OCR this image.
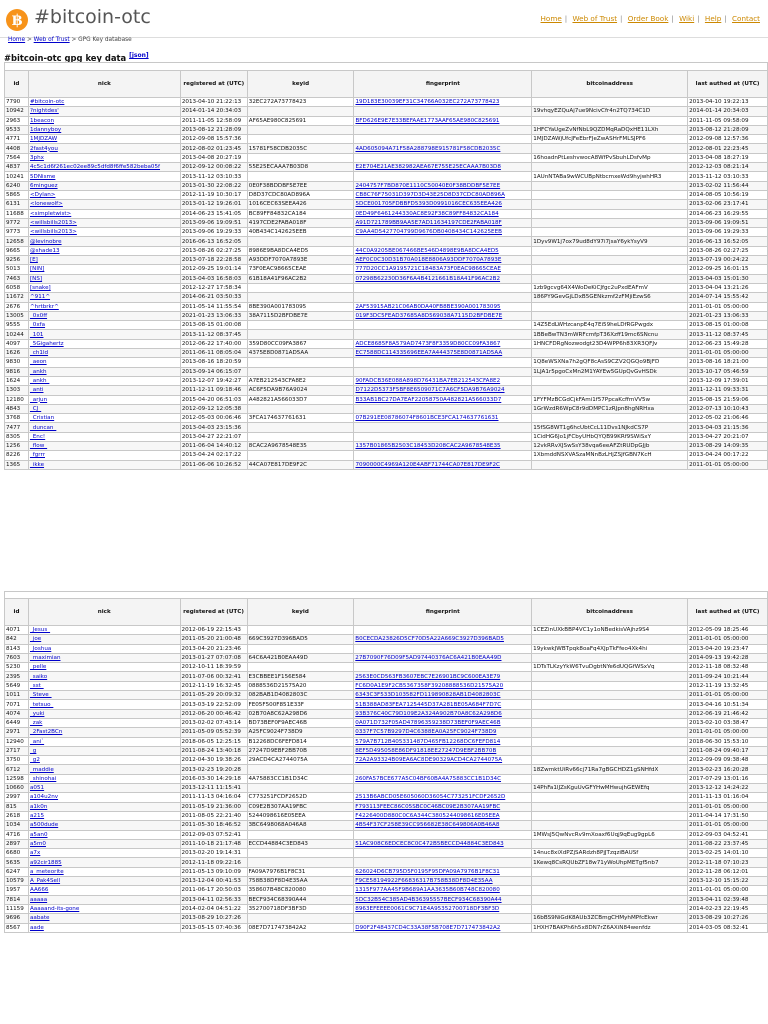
฿ #bitcoin-otc	Home | Web of Trust | Order Book | Wiki | Help | Contact
Home > Web of Trust > GPG Key database
#bitcoin-otc gpg key data [json]
id	nick	registered at (UTC)	keyid	fingerprint	bitcoinaddress	last authed at (UTC)
7790	#bitcoin-otc	2013-04-10 21:22:13	32EC272A73778423	19D183E30039EF31C34766A032EC272A73778423		2013-04-10 19:22:13
10942	?nightdes'	2014-01-14 20:34:03			19vhqyEZQuAj7ue9NcivCfr4n2TQ734C1D	2014-01-14 20:34:03
2963	1beacon	2011-11-05 12:58:09	AF65AE980C825691	BFD626E9E7E33BEFAAE1773AAF65AE980C825691		2011-11-05 09:58:09
9533	1dannyboy	2013-08-12 21:28:09			1HFCYaUgeZvNfNbL9QZDMqRaDQxHE11LXh	2013-08-12 21:28:09
4771	1MJDZAW	2012-09-08 15:57:36			1MJDZAWjUfcJFeEbrFJeZwASHrFMLSJPF6	2012-09-08 12:57:36
4408	2fast4you	2012-08-02 01:23:45	15781F58CDB2035C	4AD605094A71F58A288798E915781F58CDB2035C		2012-08-01 22:23:45
7564	3phx	2013-04-08 20:27:19			16hoadnPtLeshvwocA8WfPvSbuhLDsfvMp	2013-04-08 18:27:19
4837	4c5c1d6f261ec02ee89c5dfd8f6ffe582beba05f	2012-09-12 00:08:22	55E25ECAAA7B03D8	E2E704E21AE382982AEA67E755E25ECAAA7B03D8		2012-12-03 08:21:14
10241	5DNisme	2013-11-12 03:10:33			1AUnNTABa9wWCUBpNtbcmxeWd9hyjwhHR3	2013-11-12 03:10:33
6240	6minguez	2013-01-30 22:08:22	0E0F38BDDBF5E7EE	2404757F7BD870E1110C50040E0F38BDDBF5E7EE		2013-02-02 11:56:44
5865	<Dylan>	2012-11-19 10:30:17	D8D37CDC80AD896A	CB8C76F75031D397D3D43E25D8D37CDC80AD896A		2014-08-05 10:56:19
6131	<lonewolf>	2013-01-12 19:26:01	1016CEC63SEEA426	5DCE001705FDBBFD5393D0991016CEC635EEA426		2013-02-06 23:17:41
11688	<simpletwist>	2014-06-23 15:41:05	BC89FF84832CA184	0ED49F6461244330AC8E92F38C89FF84832CA184		2014-06-23 16:29:55
9772	<willsbills2013>	2013-09-06 19:09:51	4197CDE2FABA018F	A91D721789BB9AA5E7AD11634197CDE2FABA018F		2013-09-06 19:09:51
9773	<willsbills2013>	2013-09-06 19:29:33	40B434C142625EEB	C9AA4D5427704799D9676DB0408434C142625EEB		2013-09-06 19:29:33
12658	@levinobre	2016-06-13 16:52:05			1Dyv9W1j7ox79ud8dY97i7jsaY6ykYsyV9	2016-06-13 16:52:05
9665	@shade13	2013-08-26 02:27:25	8986E9BA8DCA4ED5	44C0A9205BE067466BE546D4898E9BA8DCA4ED5		2013-08-26 02:27:25
9256	[E]	2013-07-18 22:28:58	A93DDF7070A7893E	AEF0C0C30D31B70A018E8806A93DDF7070A7893E		2013-07-19 00:24:22
5013	[NIN]	2012-09-25 19:01:14	73F0EAC98665CEAE	777D20CC1A9195721C18483A73F0EAC98665CEAE		2012-09-25 16:01:15
7463	[NS]	2013-04-03 16:58:03	61B18A41F96AC2B2	07298B62230D36F6A4B4121661B18A41F96AC2B2		2013-04-03 15:01:30
6058	[snake]	2012-12-27 17:58:34			1zb9gcvg64X4WoDeKiCJfgc2uPxdEAFmV	2013-04-04 13:21:26
11672	^911^	2014-06-21 03:50:33			186PY9GevGjLDxB5GENkzmf2zFMjiEzwS6	2014-07-14 15:55:42
2676	^hrtbrkr^	2011-05-14 11:55:54	8BE390A001783095	2AF53915AB21C06AB0DA40FB8BE390A001783095		2011-01-01 05:00:00
13005	_0x0ff	2021-01-23 13:06:33	38A7115D2BFDBE7E	019F3DC5FEAD37685A8D569038A7115D2BFDBE7E		2021-01-23 13:06:33
9555	_0xfa	2013-08-15 01:00:08			14Z5EdLWHzcanpE4q7Ei59heLDfRGPwgdx	2013-08-15 01:00:08
10244	_101	2013-11-12 08:37:45			1BBeBwTN3mWRFcmfpT36Xzff19mc6SNcnu	2013-11-12 08:37:45
4097	_5Gigahertz	2012-06-22 17:40:00	359D80CC09FA3867	ADCE8685F8A579AD7473F8F3359D80CC09FA3867	1HNCFDRgNozwodgt23D4WPP6h83XR3QFJv	2012-06-23 15:49:28
1626	_ch1ld	2011-06-11 08:05:04	4375E8D0871AD5AA	EC7588DC114335696EEA7A444375E8D0871AD5AA		2011-01-01 05:00:00
9830	_aeon	2013-08-16 18:20:59			1Q8eWSXNa7h2gQF8cAsS9CZV2QGQo9BjFD	2013-08-16 18:21:00
9816	_ankh	2013-09-14 06:15:07			1LJA1r5pgoCxMn2M1YAYEw5GUpQvGvHSDk	2013-10-17 05:46:59
1624	_ankh_	2013-12-07 19:42:27	A7EB212543CFA8E2	90FADCB36E088A898D76431BA7EB212543CFA8E2		2013-12-09 17:39:01
1303	_anti	2011-12-11 09:18:46	AC6F5DA9B76A9024	D7122D5373F5BF8E6509071C7A6CF5DA9B76A9024		2011-12-11 09:33:31
12180	_arjun	2015-04-20 06:51:03	A482821A566033D7	B33AB1BC27DA7EAF22058750A482821A566033D7	1FYFMzBCGdCjkFAmi1f57PpcaKcffmVV5w	2015-08-15 21:59:06
4843	_CJ_	2012-09-12 12:05:38			1GrWzdR6WpC8r9dDMPC1zRJpn8hgNRHxa	2012-07-13 10:10:43
3768	_Cristian	2012-05-03 00:06:46	3FCA174637761631	07B291EE08786074F8601BCE3FCA174637761631		2012-05-02 21:06:46
7477	_duncan_	2013-04-03 23:15:36			15fSG8WT1g6hcUbtCcL11Dvs1NJkdCS7P	2013-04-03 21:15:36
8305	_Enc!	2013-04-27 22:21:07			1CidHG6Jo1jFCbyUHbQYQB99KRf9SWiSxY	2013-04-27 20:21:07
1256	_flow_	2011-06-04 14:40:12	8CAC2A9678548E35	1357B01865B2503C18453D208CAC2A9678548E35	12vkRRvXJSwSsY38vqa6eeAFZtRUDpGJjb	2013-08-29 14:09:35
8226	_fgrrr	2013-04-24 02:17:22			1XbmddNSXVASzaMNnBzLHjZSJfGBN7KcH	2013-04-24 00:17:22
1365	_ikke	2011-06-06 10:26:52	44CA07E817DE9F2C	7090000C4969A120E4ABF71744CA07E817DE9F2C		2011-01-01 05:00:00
id	nick	registered at (UTC)	keyid	fingerprint	bitcoinaddress	last authed at (UTC)
4071	_Jesus_	2012-06-19 22:15:43			1CEZinUXkBBP4VC1y1oNBedkisVAjhz9S4	2012-05-09 18:25:46
842	_joe	2011-05-20 21:00:48	669C3927D396BAD5	B0CECDA23826D5CF70D5A22A669C3927D396BAD5		2011-01-01 05:00:00
8143	_Joshua	2013-04-20 21:23:46			19ykwkJWBTpqk8oaFq4XJpTkFfeo4Xk4hi	2013-04-20 19:23:47
7603	_maximian	2013-01-27 07:07:08	64C6A421B0EAA49D	27B7090F76D09F5AD97440376AC6A421B0EAA49D		2014-09-13 19:42:28
5230	_pelle	2012-10-11 18:39:59			1DTsTLKzyYkW6TvuDgbtNYe6dUQGfWSxVq	2012-11-18 08:32:48
2395	_saiko	2011-07-06 00:32:41	E3CBBEE1F156E584	2563E0CD563FB3607EBC7E26901BC9C600EA3E79		2011-09-24 10:21:44
5649	_sst_	2012-11-19 16:32:45	0888536D21575A20	FC6D0A1E9F2CB5367358F39208888536D21575A20		2012-11-19 13:32:45
1011	_Steve_	2011-05-29 20:09:32	082BAB1D4082803C	6343C3F533D103582FD119890828AB1D4082803C		2011-01-01 05:00:00
7071	_tetsuo_	2013-03-19 22:52:09	FE05F500F851E33F	51B388AD83FEA7125445D37A281BE05A684F7D7C		2013-04-16 10:51:34
4074	_yuki	2012-06-20 00:46:42	02B70A8C62A298D6	93B376C40C79D109E2A324A902B70A8C62A298D6		2012-06-19 21:46:42
6449	_zak	2013-02-02 07:43:14	BD73BEF0F9AEC46B	0A071D732F05AD47896359238D73BEF0F9AEC46B		2013-02-10 03:38:47
2971	_2Fast2BCn	2011-05-09 05:52:39	A25FC9024F738D9	0337F7C57B9297D4C6388EA0A25FC9024F738D9		2011-01-01 05:00:00
12940	_ani`	2018-06-05 12:25:15	B12268DC6FEFD814	579A7B712B405331487D465FB12268DC6FEFD814		2018-06-30 15:53:10
2717	_g	2011-08-24 13:40:18	27247D9EBF2BB70B	8EF5D495058E86DF91818EE27247D9EBF2BB70B		2011-08-24 09:40:17
3750	_g2	2012-04-30 19:38:26	29ACD4CA2744075A	72A2A93324B09EA6AC8DE90329ACD4CA2744075A		2012-09-09 09:38:48
6712	_maddie	2013-02-23 19:20:28			18ZwmktUiRv66cj71Ra7gBGCHDZ1gSNHfdX	2013-02-23 16:20:28
12598	_shinohai	2016-03-30 14:29:18	4A75883CC1B1D34C	260FA57BCE677A5C04BF60BA4A75883CC1B1D34C		2017-07-29 13:01:16
10660	a051	2013-12-11 11:15:41			14PhFa1lJZsKguUvGFYHwMHwujhGEWEfq	2013-12-12 14:24:22
2997	a104u2nv	2011-11-13 04:16:04	C773251FCDF2652D	2513B6ABCD05E605060D36054C773251FCDF2652D		2011-11-13 01:16:04
815	a1k0n	2011-05-19 21:36:00	C09E2B307AA19FBC	F793113FEEC86C05SBC0C46BC09E2B307AA19FBC		2011-01-01 05:00:00
2618	a215	2011-08-05 22:21:40	5244098616E05EEA	F4226400D880C0C6A344C3805244098616E05EEA		2011-04-14 17:31:50
1034	a500dude	2011-05-30 18:46:52	3BC6498068A046A8	4B54F37CF258E39CC956682E38C649806A0B46A8		2011-01-01 05:00:00
4716	a5an0	2012-09-03 07:52:41			1MWsJ5QwNvcRv9mXoaxf6Uqj9qEug9gpL6	2012-09-03 04:52:41
2897	a5m0	2011-10-18 21:17:48	ECCD44884C3ED843	51AC908C6EDCEC8C0C472B5BECCD44884C3ED843		2011-08-22 23:37:45
6680	a7x	2013-02-20 19:14:31			14nuc8xiXdPZjSARdzh8PjJTzqziBAUSf	2013-02-25 14:01:10
5635	a92cir1885	2012-11-18 09:22:16			1Kewq8CsRQUbZF18w71yWoUhpMETgf5nb7	2012-11-18 07:10:23
6247	a_meteorite	2011-05-13 09:10:09	FA09A7976B1F8C31	626024D6CB795D5F0195F95DFA09A7976B1F8C31		2012-11-28 06:12:01
10579	A_Pak4Sell	2013-12-04 00:41:53	758B38DF8D4E35AA	F9CE58194922F66836317B758B38DF8D4E35AA		2013-12-10 15:15:22
1957	AA666	2011-06-17 20:50:03	358607B48C820080	1315F977AA45F9B689A1AA3635B60B748C820080		2011-01-01 05:00:00
7814	aaaaa	2013-04-11 02:56:33	BECF934C68390A44	5DC32B54C385AD4B36395557BECF934C68390A44		2013-04-11 02:39:48
11159	Aaaaand-its-gone	2014-02-04 04:51:22	352700718DF3BF3D	8963EFEEEE0061C9C71E4A95352700718DF3BF3D		2014-02-23 22:19:45
9696	aabate	2013-08-29 10:27:26			16bBS9NiGdK8AUb3ZCBmgCHMyhMPfcEkwr	2013-08-29 10:27:26
8567	aade	2013-05-15 07:40:36	08E7D717473842A2	D90F2F48437CD4C33A38F5B708E7D717473842A2	1HXH7BAKPh6h5x8DN7rZ6AXiN84wenfdz	2014-03-05 08:32:41
